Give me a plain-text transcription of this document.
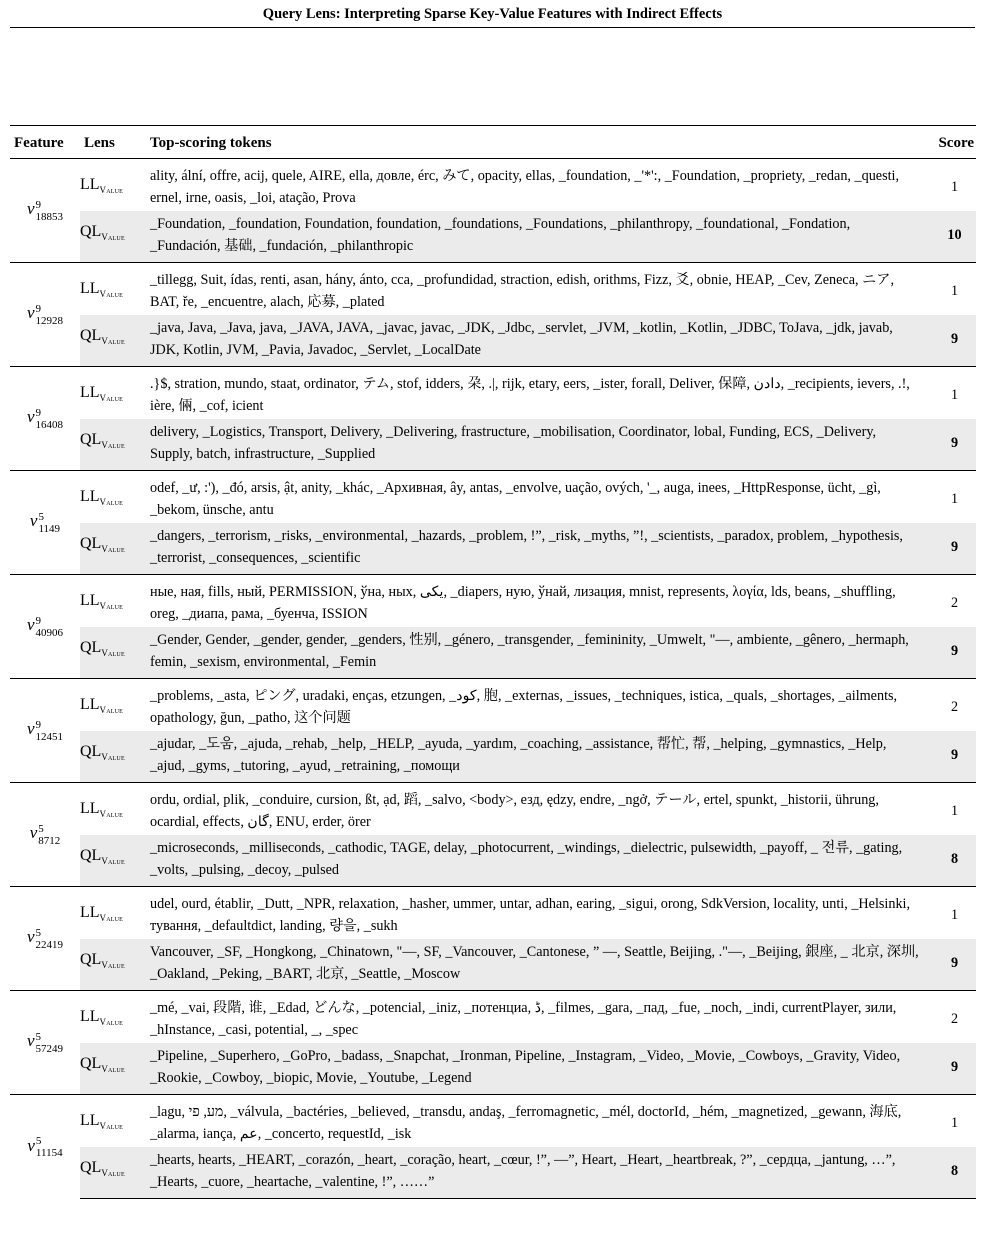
Query Lens: Interpreting Sparse Key-Value Features with Indirect Effects
Feature	Lens	Top-scoring tokens	Score
v 9
18853	$LL_{Value}$	ality, ální, offre, acij, quele, AIRE, ella, довле, érc, みて, opacity, ellas, _foundation, _'*':, _Foundation, _propriety, _redan, _questi, ernel, irne, oasis, _loi, atação, Prova	1
	$QL_{Value}$	_Foundation, _foundation, Foundation, foundation, _foundations, _Foundations, _philanthropy, _foundational, _Fondation, _Fundación, 基础, _fundación, _philanthropic	10
v 9
12928	$LL_{Value}$	_tillegg, Suit, ídas, renti, asan, hány, ánto, cca, _profundidad, straction, edish, orithms, Fizz, 爻, obnie, HEAP, _Cev, Zeneca, ニア, BAT, ře, _encuentre, alach, 応募, _plated	1
	$QL_{Value}$	_java, Java, _Java, java, _JAVA, JAVA, _javac, javac, _JDK, _Jdbc, _servlet, _JVM, _kotlin, _Kotlin, _JDBC, ToJava, _jdk, javab, JDK, Kotlin, JVM, _Pavia, Javadoc, _Servlet, _LocalDate	9
v 9
16408	$LL_{Value}$	.}$, stration, mundo, staat, ordinator, テム, stof, idders, 朶, .|, rijk, etary, eers, _ister, forall, Deliver, 保障, دادن, _recipients, ievers, .!, ière, 倆, _cof, icient	1
	$QL_{Value}$	delivery, _Logistics, Transport, Delivery, _Delivering, frastructure, _mobilisation, Coordinator, lobal, Funding, ECS, _Delivery, Supply, batch, infrastructure, _Supplied	9
v 5
1149	$LL_{Value}$	odef, _ư, :'), _đó, arsis, ật, anity, _khác, _Архивная, ây, antas, _envolve, uação, ových, '_, auga, inees, _HttpResponse, ücht, _gì, _bekom, ünsche, antu	1
	$QL_{Value}$	_dangers, _terrorism, _risks, _environmental, _hazards, _problem, !”, _risk, _myths, ”!, _scientists, _paradox, problem, _hypothesis, _terrorist, _consequences, _scientific	9
v 9
40906	$LL_{Value}$	ные, ная, fills, ный, PERMISSION, ўна, ных, یکی, _diapers, ную, ўнай, лизация, mnist, represents, λογία, lds, beans, _shuffling, oreg, _диапа, рама, _буенча, ISSION	2
	$QL_{Value}$	_Gender, Gender, _gender, gender, _genders, 性别, _género, _transgender, _femininity, _Umwelt, "—, ambiente, _gênero, _hermaph, femin, _sexism, environmental, _Femin	9
v 9
12451	$LL_{Value}$	_problems, _asta, ピング, uradaki, enças, etzungen, _کود, 胞, _externas, _issues, _techniques, istica, _quals, _shortages, _ailments, opathology, ğun, _patho, 这个问题	2
	$QL_{Value}$	_ajudar, _도움, _ajuda, _rehab, _help, _HELP, _ayuda, _yardım, _coaching, _assistance, 帮忙, 帮, _helping, _gymnastics, _Help, _ajud, _gyms, _tutoring, _ayud, _retraining, _помощи	9
v 5
8712	$LL_{Value}$	ordu, ordial, plik, _conduire, cursion, ßt, ạd, 蹈, _salvo, <body>, езд, ędzy, endre, _ngở, テール, ertel, spunkt, _historii, ührung, ocardial, effects, گان, ENU, erder, örer	1
	$QL_{Value}$	_microseconds, _milliseconds, _cathodic, TAGE, delay, _photocurrent, _windings, _dielectric, pulsewidth, _payoff, _ 전류, _gating, _volts, _pulsing, _decoy, _pulsed	8
v 5
22419	$LL_{Value}$	udel, ourd, établir, _Dutt, _NPR, relaxation, _hasher, ummer, untar, adhan, earing, _sigui, orong, SdkVersion, locality, unti, _Helsinki, тування, _defaultdict, landing, 량을, _sukh	1
	$QL_{Value}$	Vancouver, _SF, _Hongkong, _Chinatown, "—, SF, _Vancouver, _Cantonese, ” —, Seattle, Beijing, ."—, _Beijing, 銀座, _ 北京, 深圳, _Oakland, _Peking, _BART, 北京, _Seattle, _Moscow	9
v 5
57249	$LL_{Value}$	_mé, _vai, 段階, 谁, _Edad, どんな, _potencial, _iniz, _потенциа, ڈ, _filmes, _gara, _пад, _fue, _noch, _indi, currentPlayer, зили, _hInstance, _casi, potential, _, _spec	2
	$QL_{Value}$	_Pipeline, _Superhero, _GoPro, _badass, _Snapchat, _Ironman, Pipeline, _Instagram, _Video, _Movie, _Cowboys, _Gravity, Video, _Rookie, _Cowboy, _biopic, Movie, _Youtube, _Legend	9
v 5
11154	$LL_{Value}$	_lagu, מע, פי, _válvula, _bactéries, _believed, _transdu, andaş, _ferromagnetic, _mél, doctorId, _hém, _magnetized, _gewann, 海底, _alarma, iança, عم, _concerto, requestId, _isk	1
	$QL_{Value}$	_hearts, hearts, _HEART, _corazón, _heart, _coração, heart, _cœur, !”, —”, Heart, _Heart, _heartbreak, ?”, _сердца, _jantung, …”, _Hearts, _cuore, _heartache, _valentine, !”, ……”	8
